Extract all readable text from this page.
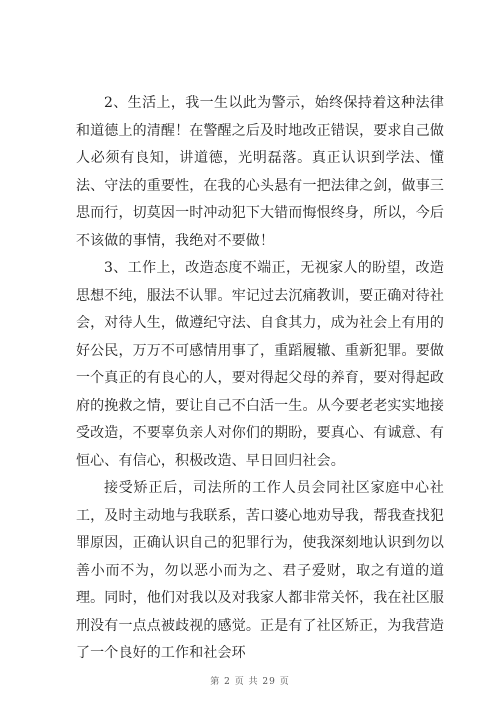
2、生活上，我一生以此为警示，始终保持着这种法律和道德上的清醒！在警醒之后及时地改正错误，要求自己做人必须有良知，讲道德，光明磊落。真正认识到学法、懂法、守法的重要性，在我的心头悬有一把法律之剑，做事三思而行，切莫因一时冲动犯下大错而悔恨终身，所以，今后不该做的事情，我绝对不要做！

3、工作上，改造态度不端正，无视家人的盼望，改造思想不纯，服法不认罪。牢记过去沉痛教训，要正确对待社会，对待人生，做遵纪守法、自食其力，成为社会上有用的好公民，万万不可感情用事了，重蹈履辙、重新犯罪。要做一个真正的有良心的人，要对得起父母的养育，要对得起政府的挽救之情，要让自己不白活一生。从今要老老实实地接受改造，不要辜负亲人对你们的期盼，要真心、有诚意、有恒心、有信心，积极改造、早日回归社会。

接受矫正后，司法所的工作人员会同社区家庭中心社工，及时主动地与我联系，苦口婆心地劝导我，帮我查找犯罪原因，正确认识自己的犯罪行为，使我深刻地认识到勿以善小而不为，勿以恶小而为之、君子爱财，取之有道的道理。同时，他们对我以及对我家人都非常关怀，我在社区服刑没有一点点被歧视的感觉。正是有了社区矫正，为我营造了一个良好的工作和社会环

第 2 页 共 29 页
